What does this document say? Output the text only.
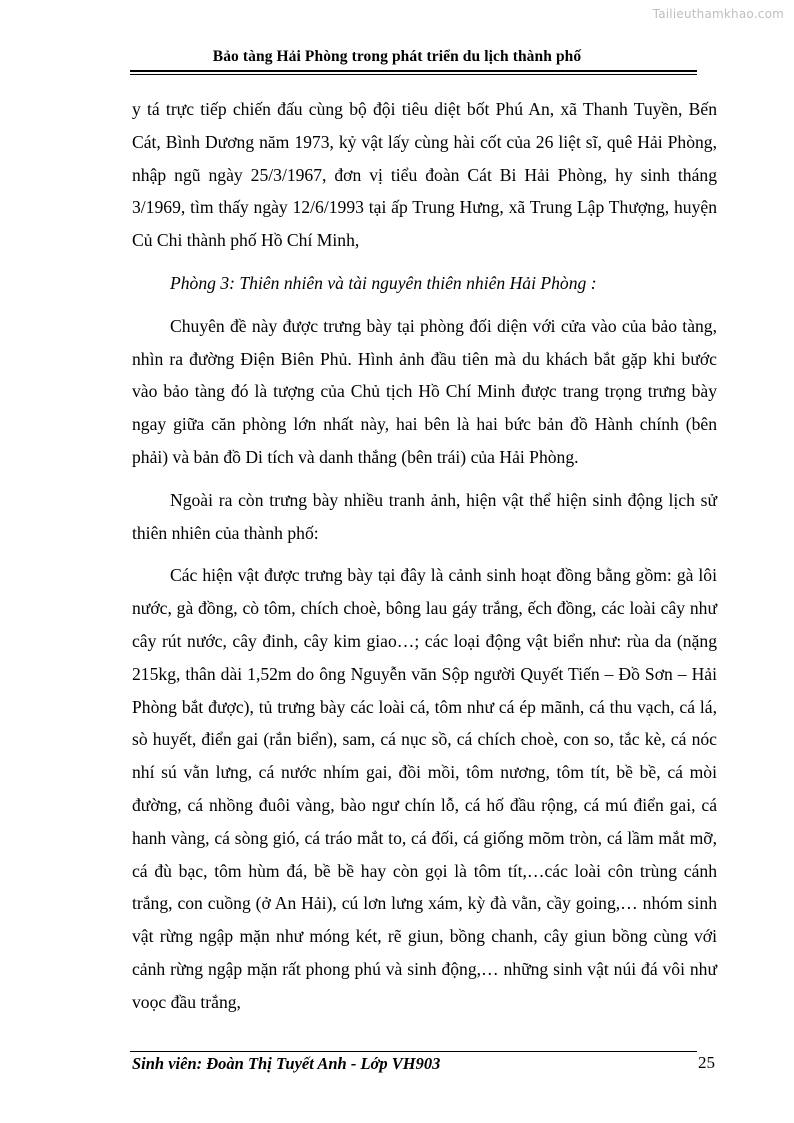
Tailieuthamkhao.com
Bảo tàng Hải Phòng trong phát triển du lịch thành phố

y tá trực tiếp chiến đấu cùng bộ đội tiêu diệt bốt Phú An, xã Thanh Tuyền, Bến Cát, Bình Dương năm 1973, kỷ vật lấy cùng hài cốt của 26 liệt sĩ, quê Hải Phòng, nhập ngũ ngày 25/3/1967, đơn vị tiểu đoàn Cát Bi Hải Phòng, hy sinh tháng 3/1969, tìm thấy ngày 12/6/1993 tại ấp Trung Hưng, xã Trung Lập Thượng, huyện Củ Chi thành phố Hồ Chí Minh,

Phòng 3: Thiên nhiên và tài nguyên thiên nhiên Hải Phòng :

Chuyên đề này được trưng bày tại phòng đối diện với cửa vào của bảo tàng, nhìn ra đường Điện Biên Phủ. Hình ảnh đầu tiên mà du khách bắt gặp khi bước vào bảo tàng đó là tượng của Chủ tịch Hồ Chí Minh được trang trọng trưng bày ngay giữa căn phòng lớn nhất này, hai bên là hai bức bản đồ Hành chính (bên phải) và bản đồ Di tích và danh thắng (bên trái) của Hải Phòng.

Ngoài ra còn trưng bày nhiều tranh ảnh, hiện vật thể hiện sinh động lịch sử thiên nhiên của thành phố:

Các hiện vật được trưng bày tại đây là cảnh sinh hoạt đồng bằng gồm: gà lôi nước, gà đồng, cò tôm, chích choè, bông lau gáy trắng, ếch đồng, các loài cây như cây rút nước, cây đinh, cây kim giao…; các loại động vật biển như: rùa da (nặng 215kg, thân dài 1,52m do ông Nguyễn văn Sộp người Quyết Tiến – Đồ Sơn – Hải Phòng bắt được), tủ trưng bày các loài cá, tôm như cá ép mãnh, cá thu vạch, cá lá, sò huyết, điển gai (rắn biển), sam, cá nục sồ, cá chích choè, con so, tắc kè, cá nóc nhí sú vằn lưng, cá nước nhím gai, đồi mồi, tôm nương, tôm tít, bề bề, cá mòi đường, cá nhồng đuôi vàng, bào ngư chín lỗ, cá hố đầu rộng, cá mú điển gai, cá hanh vàng, cá sòng gió, cá tráo mắt to, cá đối, cá giống mõm tròn, cá lầm mắt mỡ, cá đù bạc, tôm hùm đá, bề bề hay còn gọi là tôm tít,…các loài côn trùng cánh trắng, con cuồng (ở An Hải), cú lơn lưng xám, kỳ đà vằn, cầy going,… nhóm sinh vật rừng ngập mặn như móng két, rẽ giun, bồng chanh, cây giun bồng cùng với cảnh rừng ngập mặn rất phong phú và sinh động,… những sinh vật núi đá vôi như voọc đầu trắng,

Sinh viên: Đoàn Thị Tuyết Anh - Lớp VH903	25
